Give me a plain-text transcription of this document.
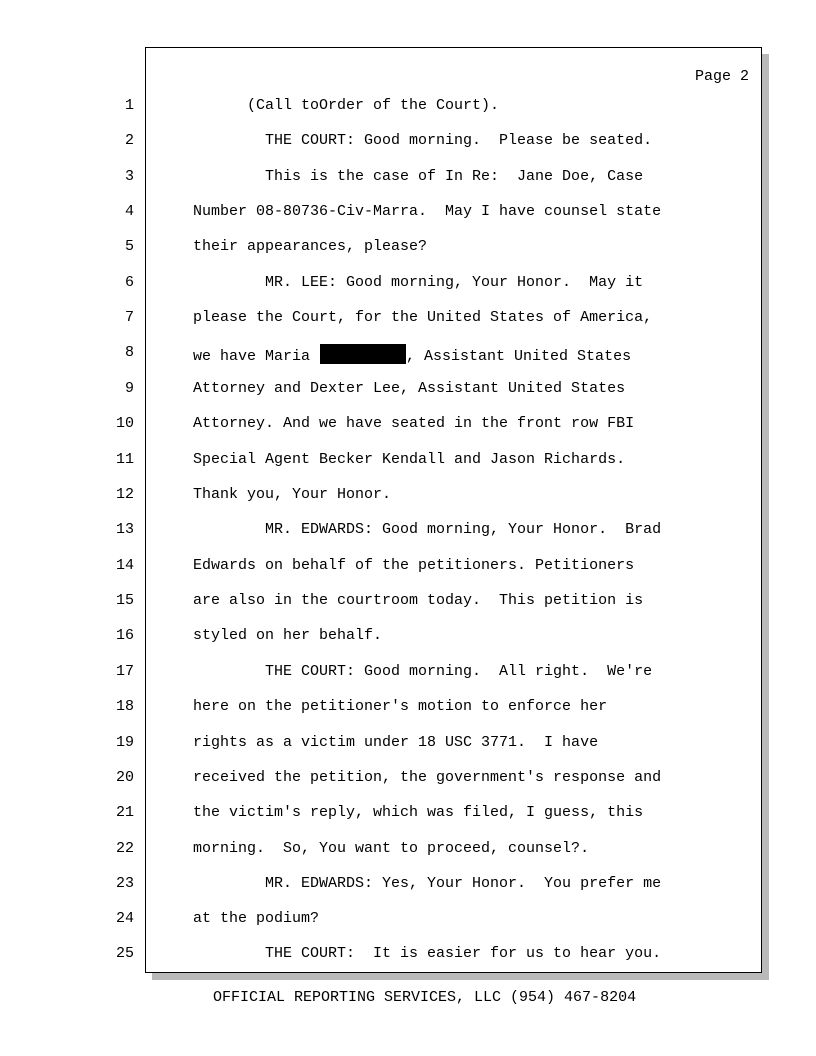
Page 2
1	(Call toOrder of the Court).
2	THE COURT: Good morning.  Please be seated.
3	This is the case of In Re:  Jane Doe, Case
4	Number 08-80736-Civ-Marra.  May I have counsel state
5	their appearances, please?
6	MR. LEE: Good morning, Your Honor.  May it
7	please the Court, for the United States of America,
8	we have Maria	, Assistant United States
9	Attorney and Dexter Lee, Assistant United States
10	Attorney. And we have seated in the front row FBI
11	Special Agent Becker Kendall and Jason Richards.
12	Thank you, Your Honor.
13	MR. EDWARDS: Good morning, Your Honor.  Brad
14	Edwards on behalf of the petitioners. Petitioners
15	are also in the courtroom today.  This petition is
16	styled on her behalf.
17	THE COURT: Good morning.  All right.  We're
18	here on the petitioner's motion to enforce her
19	rights as a victim under 18 USC 3771.  I have
20	received the petition, the government's response and
21	the victim's reply, which was filed, I guess, this
22	morning.  So, You want to proceed, counsel?.
23	MR. EDWARDS: Yes, Your Honor.  You prefer me
24	at the podium?
25	THE COURT:  It is easier for us to hear you.
OFFICIAL REPORTING SERVICES, LLC (954) 467-8204
